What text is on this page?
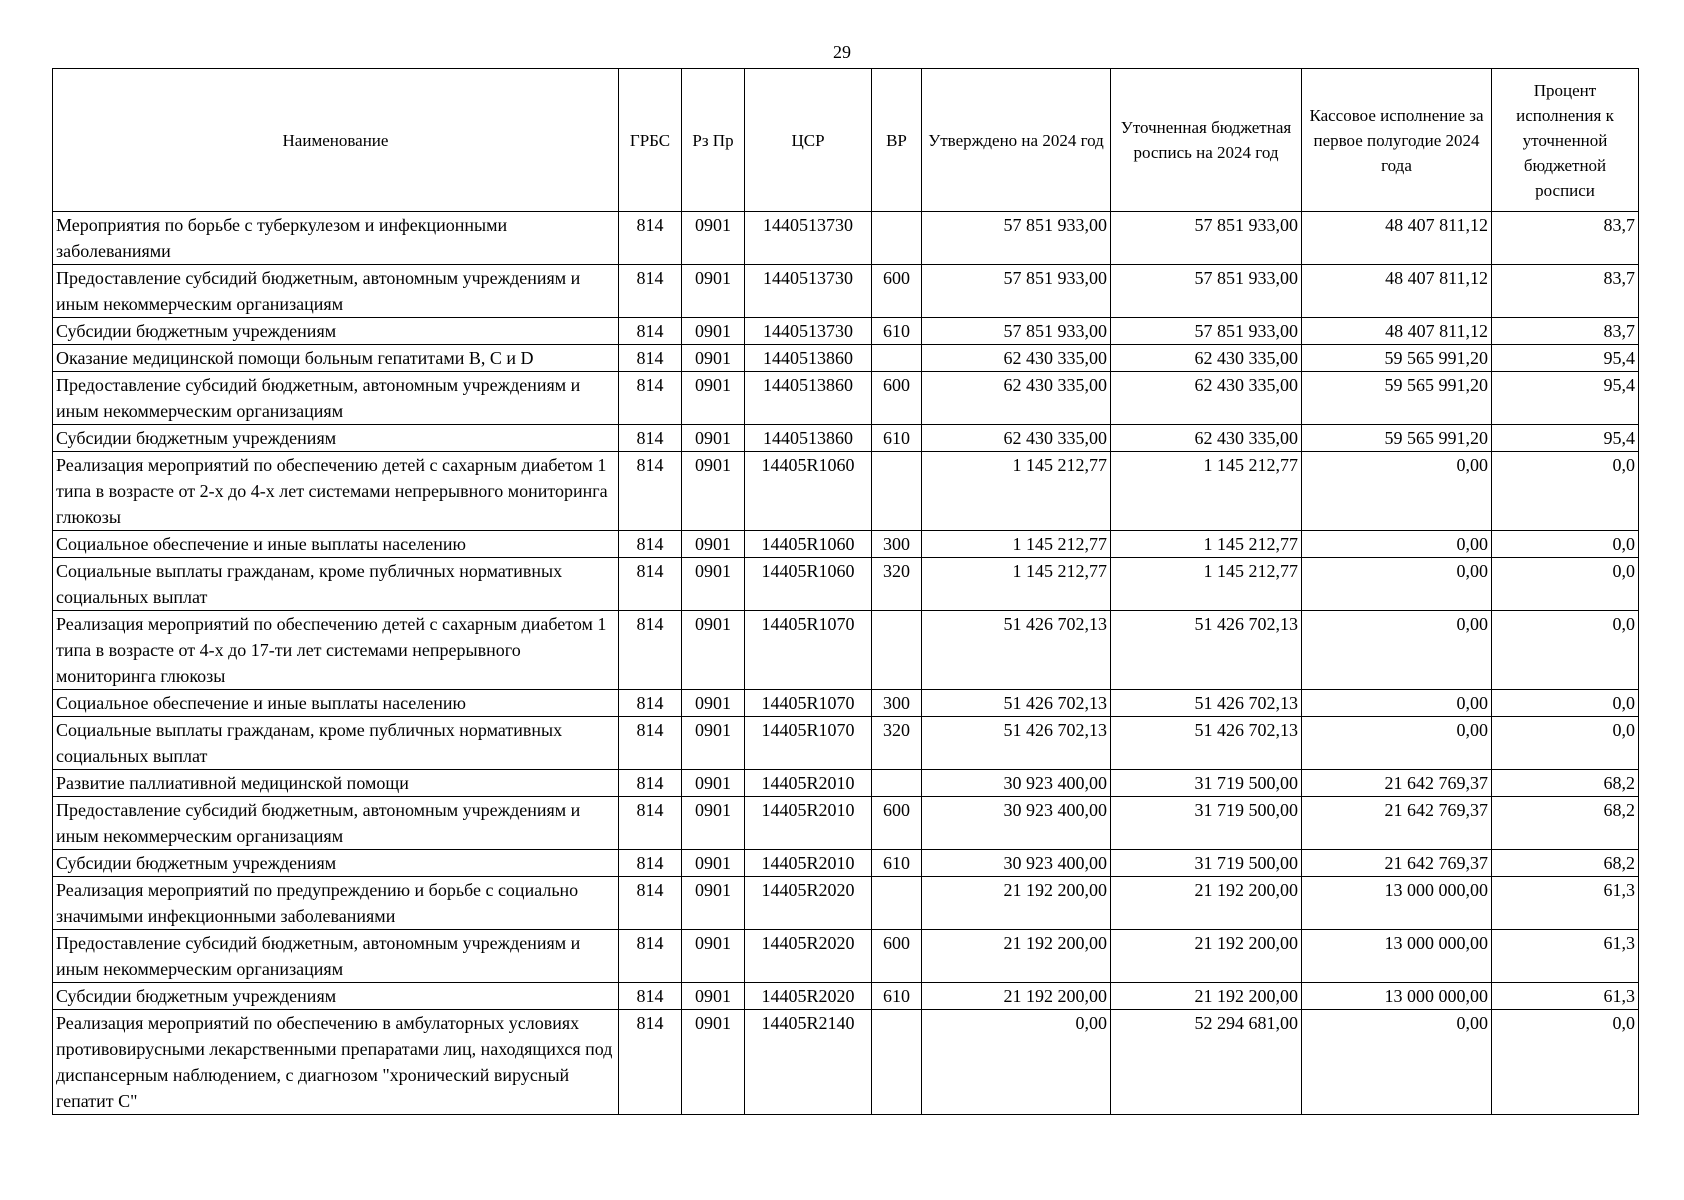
29
Наименование	ГРБС	Рз Пр	ЦСР	ВР	Утверждено на 2024 год	Уточненная бюджетная роспись на 2024 год	Кассовое исполнение за первое полугодие 2024 года	Процент исполнения к уточненной бюджетной росписи
Мероприятия по борьбе с туберкулезом и инфекционными заболеваниями	814	0901	1440513730		57 851 933,00	57 851 933,00	48 407 811,12	83,7
Предоставление субсидий бюджетным, автономным учреждениям и иным некоммерческим организациям	814	0901	1440513730	600	57 851 933,00	57 851 933,00	48 407 811,12	83,7
Субсидии бюджетным учреждениям	814	0901	1440513730	610	57 851 933,00	57 851 933,00	48 407 811,12	83,7
Оказание медицинской помощи больным гепатитами B, C и D	814	0901	1440513860		62 430 335,00	62 430 335,00	59 565 991,20	95,4
Предоставление субсидий бюджетным, автономным учреждениям и иным некоммерческим организациям	814	0901	1440513860	600	62 430 335,00	62 430 335,00	59 565 991,20	95,4
Субсидии бюджетным учреждениям	814	0901	1440513860	610	62 430 335,00	62 430 335,00	59 565 991,20	95,4
Реализация мероприятий по обеспечению детей с сахарным диабетом 1 типа в возрасте от 2-х до 4-х лет системами непрерывного мониторинга глюкозы	814	0901	14405R1060		1 145 212,77	1 145 212,77	0,00	0,0
Социальное обеспечение и иные выплаты населению	814	0901	14405R1060	300	1 145 212,77	1 145 212,77	0,00	0,0
Социальные выплаты гражданам, кроме публичных нормативных социальных выплат	814	0901	14405R1060	320	1 145 212,77	1 145 212,77	0,00	0,0
Реализация мероприятий по обеспечению детей с сахарным диабетом 1 типа в возрасте от 4-х до 17-ти лет системами непрерывного мониторинга глюкозы	814	0901	14405R1070		51 426 702,13	51 426 702,13	0,00	0,0
Социальное обеспечение и иные выплаты населению	814	0901	14405R1070	300	51 426 702,13	51 426 702,13	0,00	0,0
Социальные выплаты гражданам, кроме публичных нормативных социальных выплат	814	0901	14405R1070	320	51 426 702,13	51 426 702,13	0,00	0,0
Развитие паллиативной медицинской помощи	814	0901	14405R2010		30 923 400,00	31 719 500,00	21 642 769,37	68,2
Предоставление субсидий бюджетным, автономным учреждениям и иным некоммерческим организациям	814	0901	14405R2010	600	30 923 400,00	31 719 500,00	21 642 769,37	68,2
Субсидии бюджетным учреждениям	814	0901	14405R2010	610	30 923 400,00	31 719 500,00	21 642 769,37	68,2
Реализация мероприятий по предупреждению и борьбе с социально значимыми инфекционными заболеваниями	814	0901	14405R2020		21 192 200,00	21 192 200,00	13 000 000,00	61,3
Предоставление субсидий бюджетным, автономным учреждениям и иным некоммерческим организациям	814	0901	14405R2020	600	21 192 200,00	21 192 200,00	13 000 000,00	61,3
Субсидии бюджетным учреждениям	814	0901	14405R2020	610	21 192 200,00	21 192 200,00	13 000 000,00	61,3
Реализация мероприятий по обеспечению в амбулаторных условиях противовирусными лекарственными препаратами лиц, находящихся под диспансерным наблюдением, с диагнозом "хронический вирусный гепатит С"	814	0901	14405R2140		0,00	52 294 681,00	0,00	0,0
